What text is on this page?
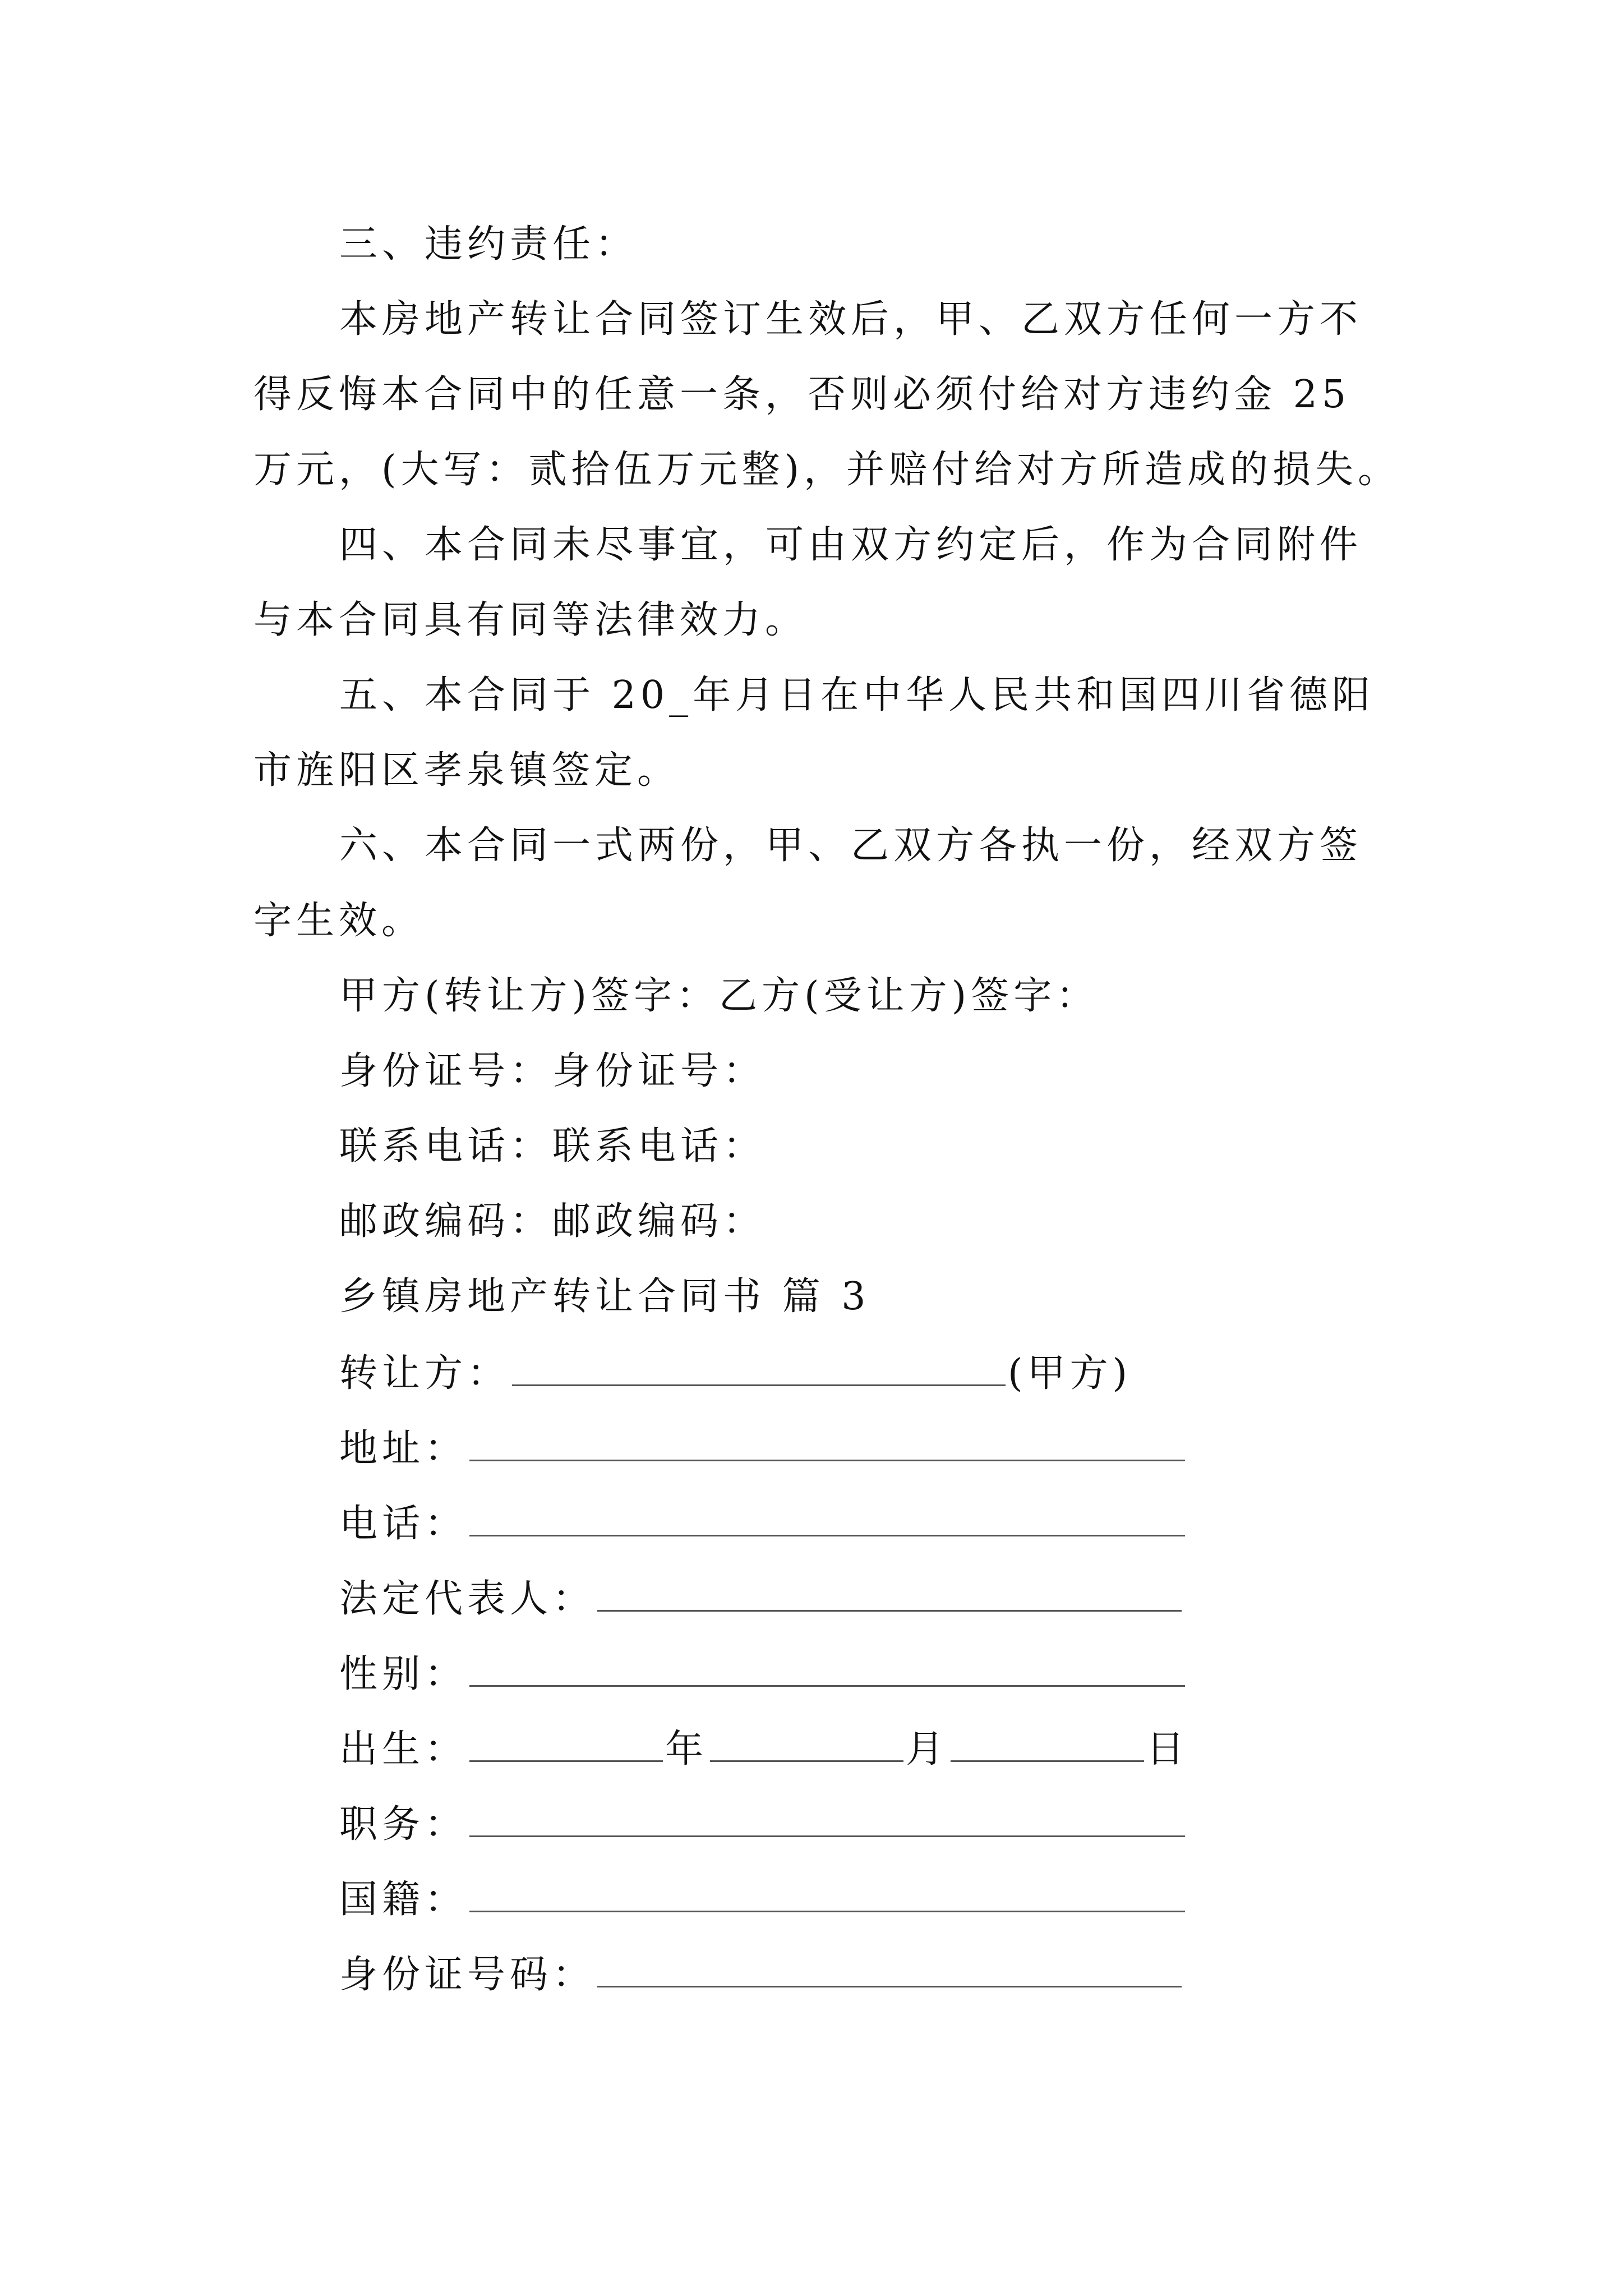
三、违约责任：
本房地产转让合同签订生效后，甲、乙双方任何一方不
得反悔本合同中的任意一条，否则必须付给对方违约金 25
万元，(大写：贰拾伍万元整)，并赔付给对方所造成的损失。
四、本合同未尽事宜，可由双方约定后，作为合同附件
与本合同具有同等法律效力。
五、本合同于 20_年月日在中华人民共和国四川省德阳
市旌阳区孝泉镇签定。
六、本合同一式两份，甲、乙双方各执一份，经双方签
字生效。
甲方(转让方)签字：乙方(受让方)签字：
身份证号：身份证号：
联系电话：联系电话：
邮政编码：邮政编码：
乡镇房地产转让合同书 篇 3
转让方：	(甲方)
地址：
电话：
法定代表人：
性别：
出生：	年	月	日
职务：
国籍：
身份证号码：
